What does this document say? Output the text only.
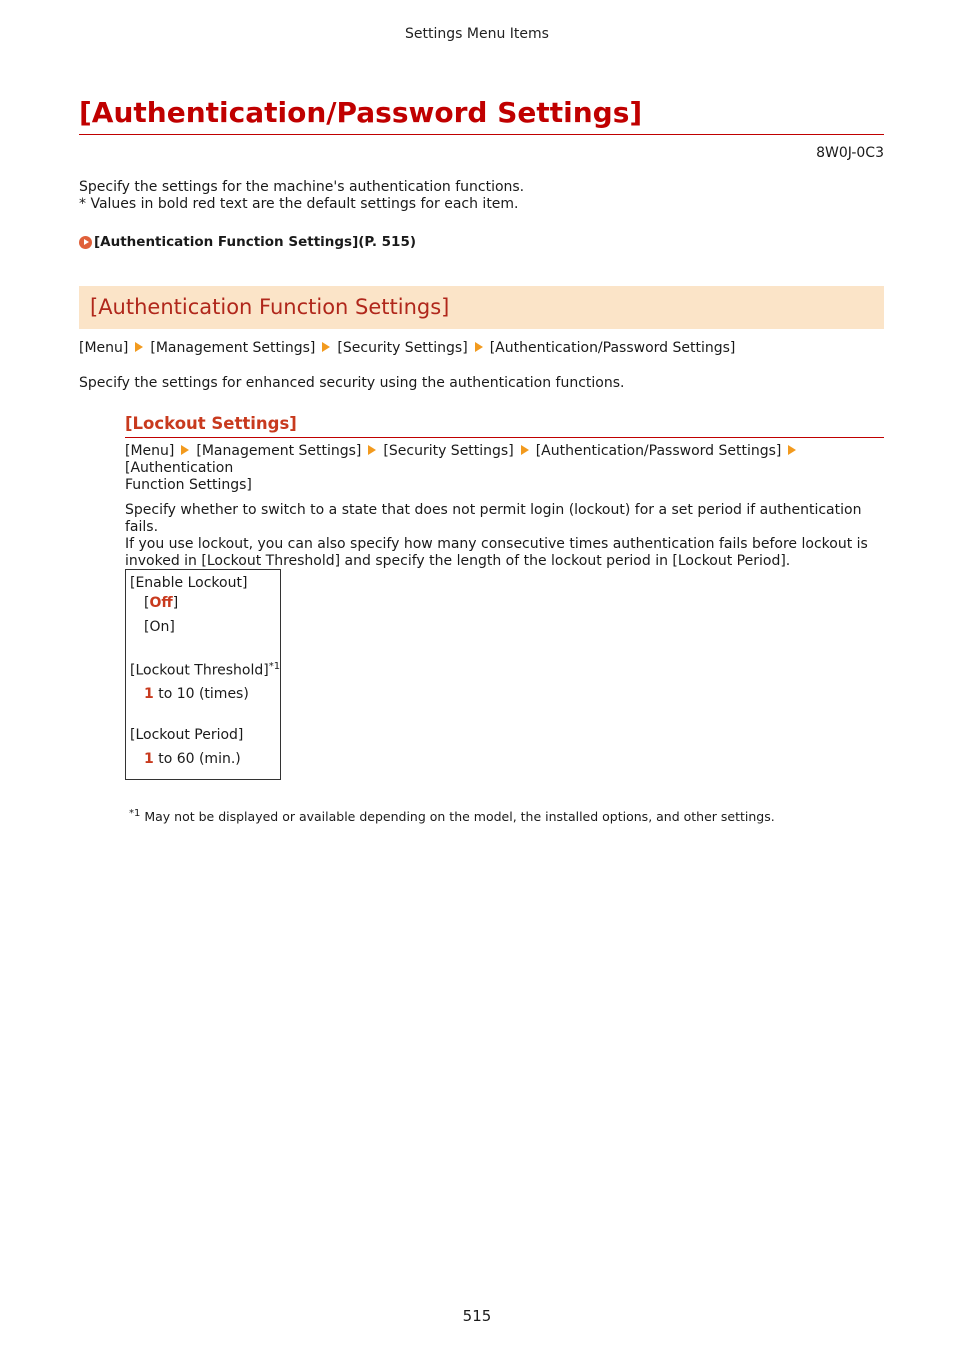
Settings Menu Items
[Authentication/Password Settings]
8W0J-0C3
Specify the settings for the machine's authentication functions.
* Values in bold red text are the default settings for each item.
[Authentication Function Settings](P. 515)
[Authentication Function Settings]
[Menu] [Management Settings] [Security Settings] [Authentication/Password Settings]
Specify the settings for enhanced security using the authentication functions.
[Lockout Settings]
[Menu] [Management Settings] [Security Settings] [Authentication/Password Settings][Authentication
Function Settings]
Specify whether to switch to a state that does not permit login (lockout) for a set period if authentication fails.
If you use lockout, you can also specify how many consecutive times authentication fails before lockout is
invoked in [Lockout Threshold] and specify the length of the lockout period in [Lockout Period].
[Enable Lockout]
[Off]
[On]
[Lockout Threshold]$^{*1}$
1 to 10 (times)
[Lockout Period]
1 to 60 (min.)
$^{*1}$ May not be displayed or available depending on the model, the installed options, and other settings.
515
